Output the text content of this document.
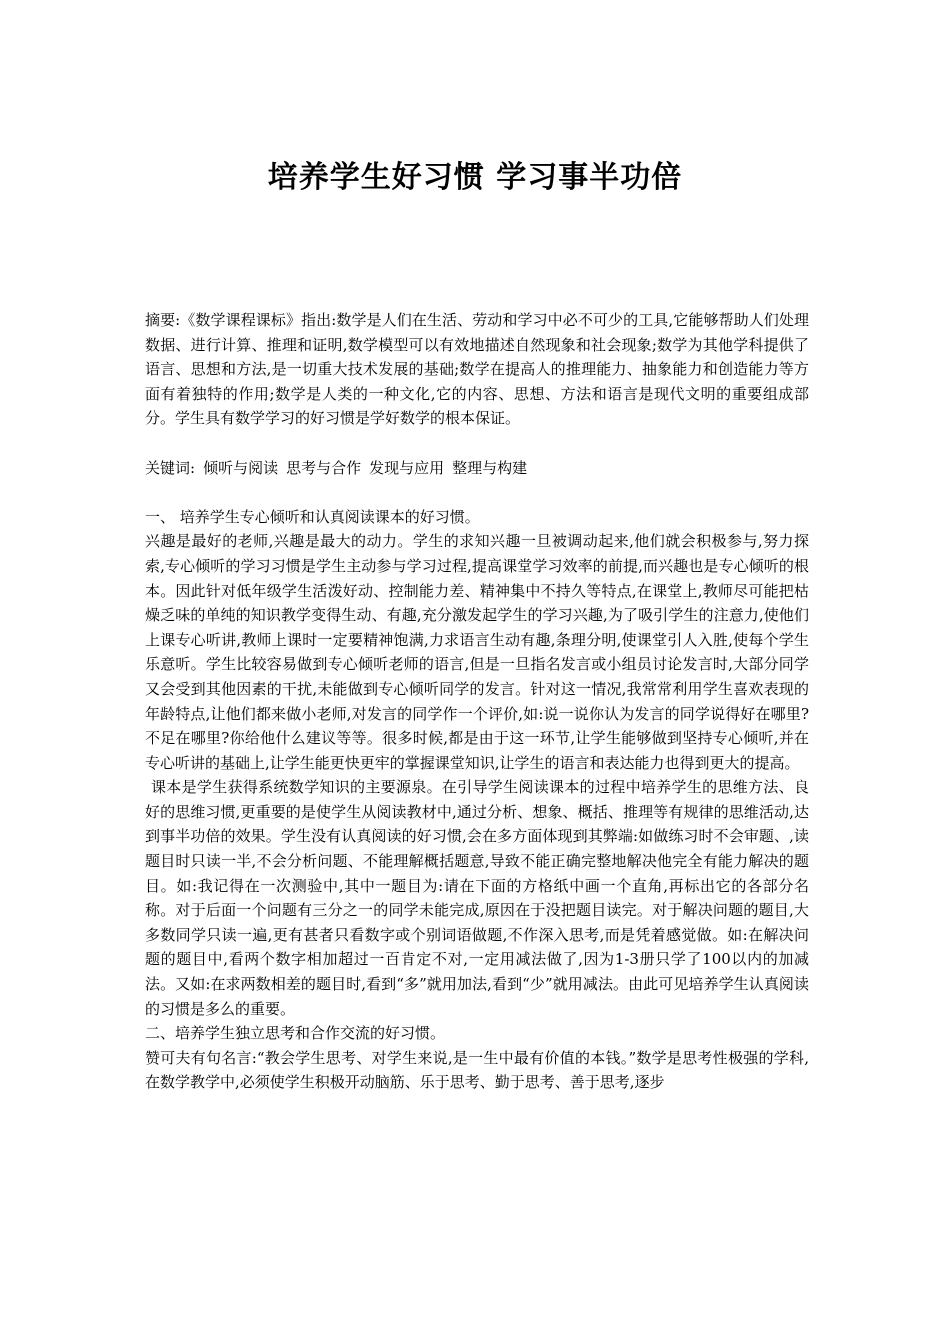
培养学生好习惯 学习事半功倍

摘要:《数学课程课标》指出:数学是人们在生活、劳动和学习中必不可少的工具,它能够帮助人们处理数据、进行计算、推理和证明,数学模型可以有效地描述自然现象和社会现象;数学为其他学科提供了语言、思想和方法,是一切重大技术发展的基础;数学在提高人的推理能力、抽象能力和创造能力等方面有着独特的作用;数学是人类的一种文化,它的内容、思想、方法和语言是现代文明的重要组成部分。学生具有数学学习的好习惯是学好数学的根本保证。

关键词: 倾听与阅读 思考与合作 发现与应用 整理与构建

一、 培养学生专心倾听和认真阅读课本的好习惯。

兴趣是最好的老师,兴趣是最大的动力。学生的求知兴趣一旦被调动起来,他们就会积极参与,努力探索,专心倾听的学习习惯是学生主动参与学习过程,提高课堂学习效率的前提,而兴趣也是专心倾听的根本。因此针对低年级学生活泼好动、控制能力差、精神集中不持久等特点,在课堂上,教师尽可能把枯燥乏味的单纯的知识教学变得生动、有趣,充分激发起学生的学习兴趣,为了吸引学生的注意力,使他们上课专心听讲,教师上课时一定要精神饱满,力求语言生动有趣,条理分明,使课堂引人入胜,使每个学生乐意听。学生比较容易做到专心倾听老师的语言,但是一旦指名发言或小组员讨论发言时,大部分同学又会受到其他因素的干扰,未能做到专心倾听同学的发言。针对这一情况,我常常利用学生喜欢表现的年龄特点,让他们都来做小老师,对发言的同学作一个评价,如:说一说你认为发言的同学说得好在哪里?不足在哪里?你给他什么建议等等。很多时候,都是由于这一环节,让学生能够做到坚持专心倾听,并在专心听讲的基础上,让学生能更快更牢的掌握课堂知识,让学生的语言和表达能力也得到更大的提高。

课本是学生获得系统数学知识的主要源泉。在引导学生阅读课本的过程中培养学生的思维方法、良好的思维习惯,更重要的是使学生从阅读教材中,通过分析、想象、概括、推理等有规律的思维活动,达到事半功倍的效果。学生没有认真阅读的好习惯,会在多方面体现到其弊端:如做练习时不会审题、,读题目时只读一半,不会分析问题、不能理解概括题意,导致不能正确完整地解决他完全有能力解决的题目。如:我记得在一次测验中,其中一题目为:请在下面的方格纸中画一个直角,再标出它的各部分名称。对于后面一个问题有三分之一的同学未能完成,原因在于没把题目读完。对于解决问题的题目,大多数同学只读一遍,更有甚者只看数字或个别词语做题,不作深入思考,而是凭着感觉做。如:在解决问题的题目中,看两个数字相加超过一百肯定不对,一定用减法做了,因为1-3册只学了100以内的加减法。又如:在求两数相差的题目时,看到“多”就用加法,看到“少”就用减法。由此可见培养学生认真阅读的习惯是多么的重要。

二、培养学生独立思考和合作交流的好习惯。

赞可夫有句名言:“教会学生思考、对学生来说,是一生中最有价值的本钱。”数学是思考性极强的学科,在数学教学中,必须使学生积极开动脑筋、乐于思考、勤于思考、善于思考,逐步
